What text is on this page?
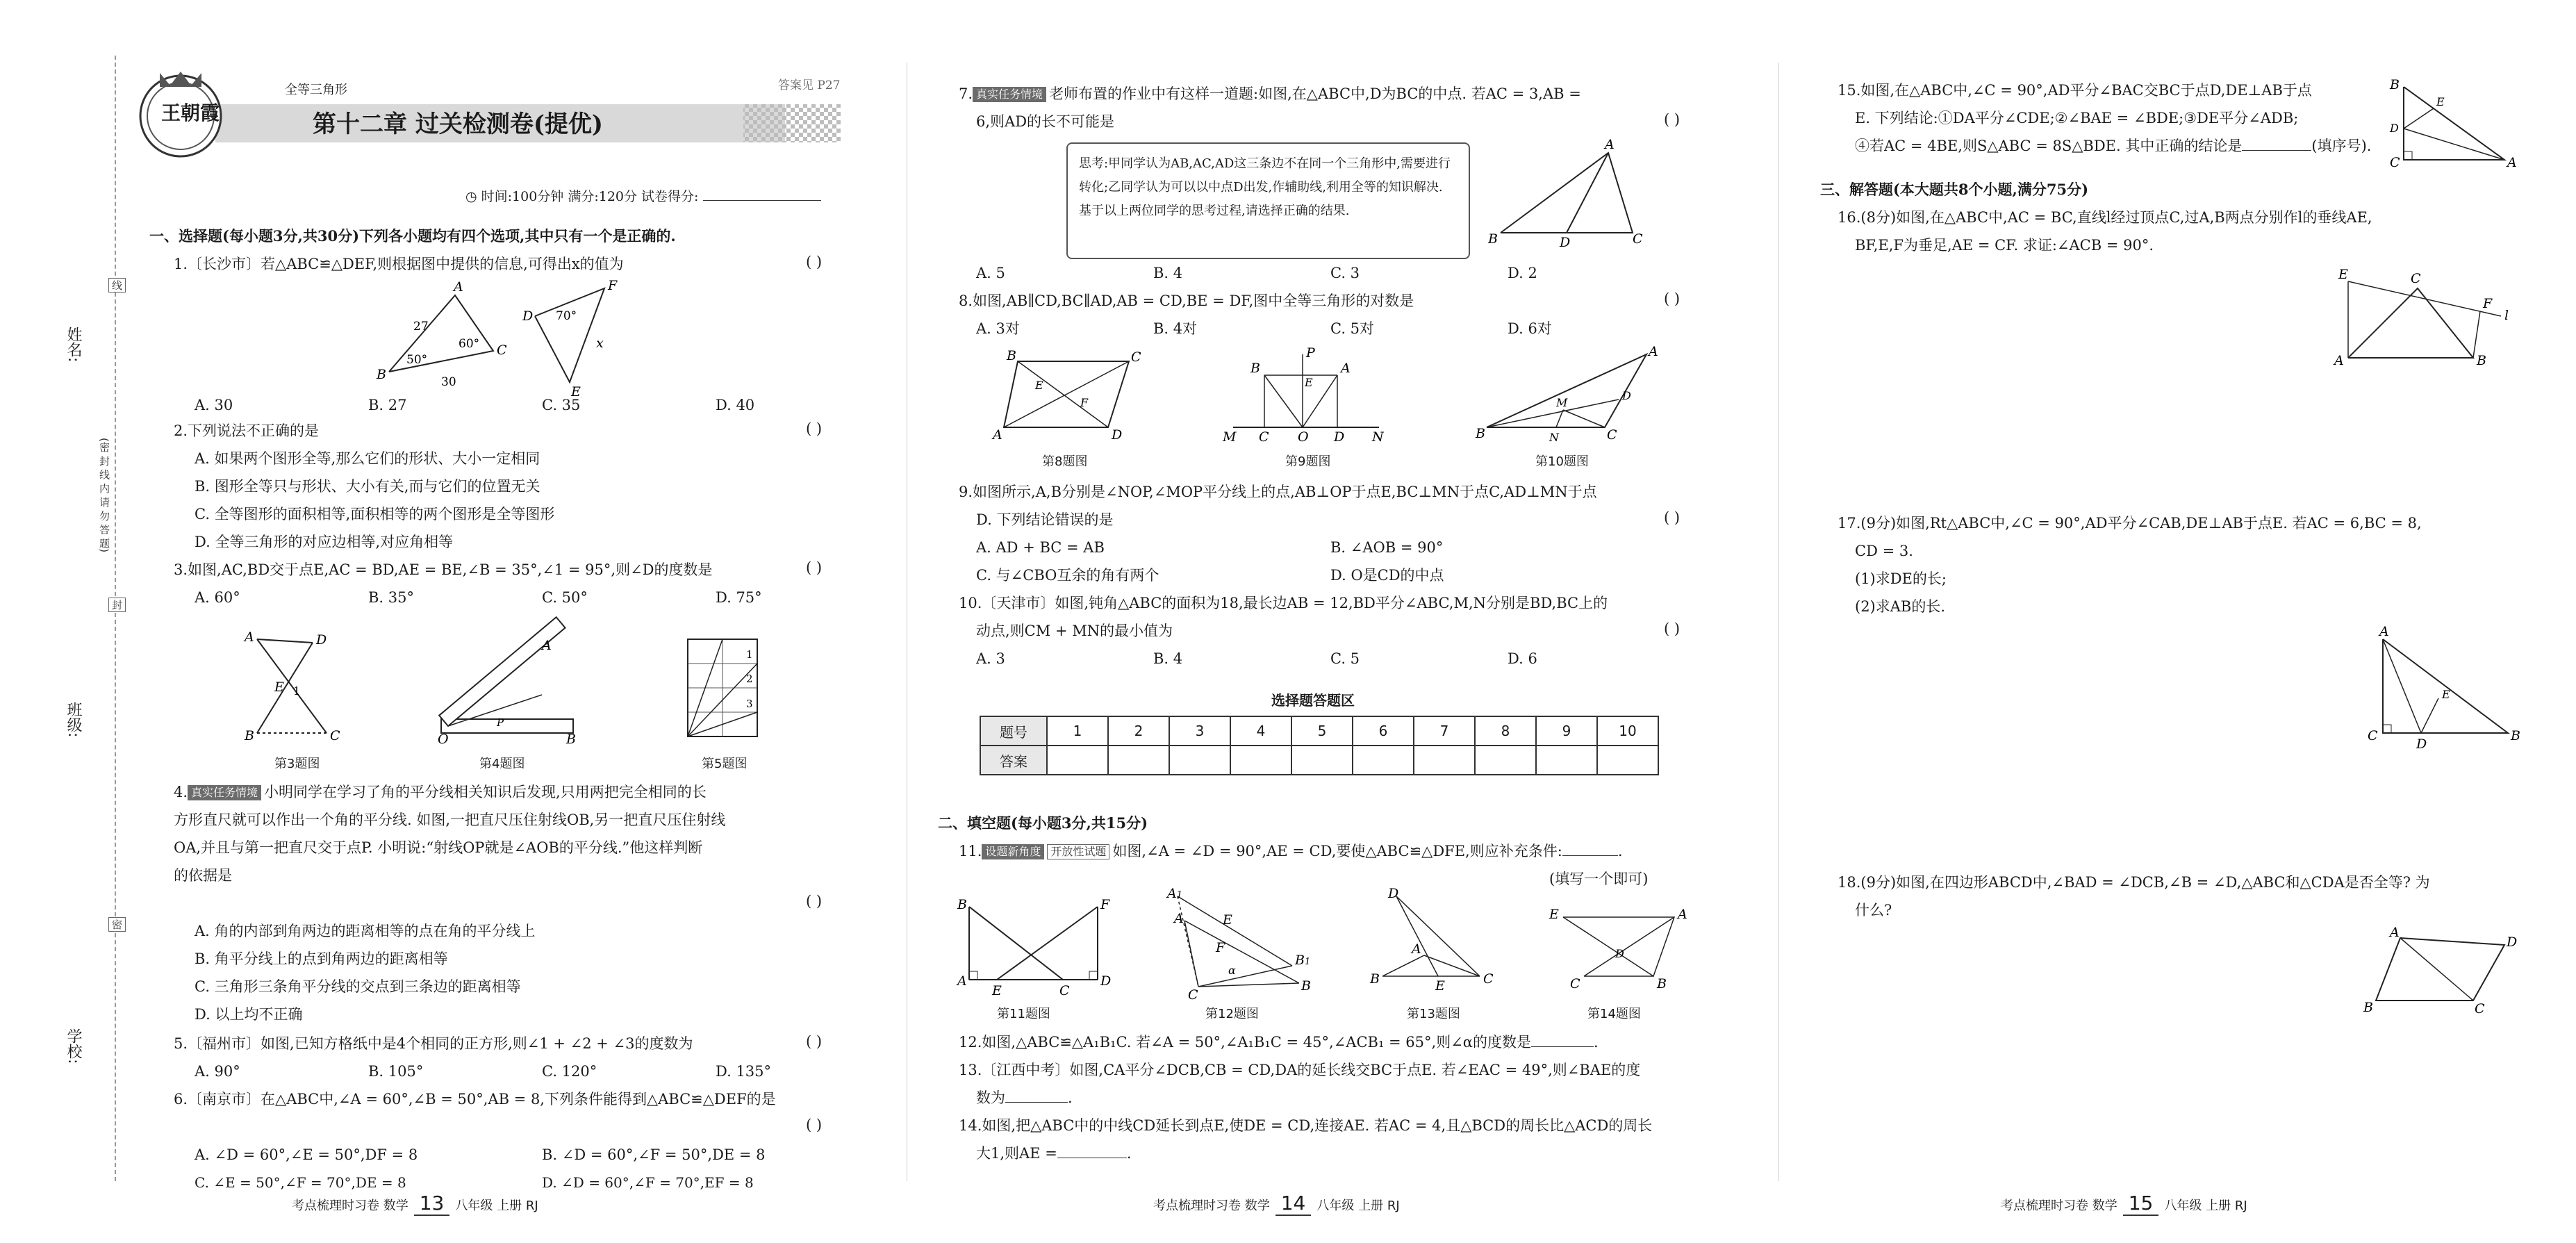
姓名:
班级:
学校:
(密 封 线 内 请 勿 答 题)
线
封
密
王朝霞
全等三角形
第十二章 过关检测卷(提优)
答案见 P27
◷ 时间:100分钟 满分:120分 试卷得分:
一、选择题(每小题3分,共30分)下列各小题均有四个选项,其中只有一个是正确的.
1.〔长沙市〕若△ABC≌△DEF,则根据图中提供的信息,可得出x的值为	( )
A
B
C
D
F
E
27
60°
50°
30
70°
x
A. 30	B. 27	C. 35	D. 40
2.下列说法不正确的是	( )
A. 如果两个图形全等,那么它们的形状、大小一定相同
B. 图形全等只与形状、大小有关,而与它们的位置无关
C. 全等图形的面积相等,面积相等的两个图形是全等图形
D. 全等三角形的对应边相等,对应角相等
3.如图,AC,BD交于点E,AC = BD,AE = BE,∠B = 35°,∠1 = 95°,则∠D的度数是	( )
A. 60°	B. 35°	C. 50°	D. 75°
A	D
E 1
B	C
第3题图
O	B
P
A
第4题图
1
2
3
第5题图
4. 真实任务情境 小明同学在学习了角的平分线相关知识后发现,只用两把完全相同的长
方形直尺就可以作出一个角的平分线. 如图,一把直尺压住射线OB,另一把直尺压住射线
OA,并且与第一把直尺交于点P. 小明说:“射线OP就是∠AOB的平分线.”他这样判断
的依据是
( )
A. 角的内部到角两边的距离相等的点在角的平分线上
B. 角平分线上的点到角两边的距离相等
C. 三角形三条角平分线的交点到三条边的距离相等
D. 以上均不正确
5.〔福州市〕如图,已知方格纸中是4个相同的正方形,则∠1 + ∠2 + ∠3的度数为	( )
A. 90°	B. 105°	C. 120°	D. 135°
6.〔南京市〕在△ABC中,∠A = 60°,∠B = 50°,AB = 8,下列条件能得到△ABC≌△DEF的是
( )
A. ∠D = 60°,∠E = 50°,DF = 8	B. ∠D = 60°,∠F = 50°,DE = 8
C. ∠E = 50°,∠F = 70°,DE = 8	D. ∠D = 60°,∠F = 70°,EF = 8
考点梳理时习卷 数学 13 八年级 上册 RJ
7. 真实任务情境 老师布置的作业中有这样一道题:如图,在△ABC中,D为BC的中点. 若AC = 3,AB =
6,则AD的长不可能是	( )
思考:甲同学认为AB,AC,AD这三条边不在同一个三角形中,需要进行转化;乙同学认为可以以中点D出发,作辅助线,利用全等的知识解决. 基于以上两位同学的思考过程,请选择正确的结果.
A
B	D	C
A. 5	B. 4	C. 3	D. 2
8.如图,AB∥CD,BC∥AD,AB = CD,BE = DF,图中全等三角形的对数是	( )
A. 3对	B. 4对	C. 5对	D. 6对
B	C
D
A
E
F
第8题图
B
P
A
E
M C O D N
第9题图
B
A
C
D
M
N
第10题图
9.如图所示,A,B分别是∠NOP,∠MOP平分线上的点,AB⊥OP于点E,BC⊥MN于点C,AD⊥MN于点
D. 下列结论错误的是	( )
A. AD + BC = AB	B. ∠AOB = 90°
C. 与∠CBO互余的角有两个	D. O是CD的中点
10.〔天津市〕如图,钝角△ABC的面积为18,最长边AB = 12,BD平分∠ABC,M,N分别是BD,BC上的
动点,则CM + MN的最小值为	( )
A. 3	B. 4	C. 5	D. 6
选择题答题区
题号	1	2	3	4	5	6	7	8	9	10
答案										
二、填空题(每小题3分,共15分)
11. 设题新角度 开放性试题 如图,∠A = ∠D = 90°,AE = CD,要使△ABC≌△DFE,则应补充条件:	.
(填写一个即可)
B	F
A
E	C
D
第11题图
A1
A	E
F
α
B1
C
B
第12题图
D
A
B	E	C
第13题图
E	A
D
C	B
第14题图
12.如图,△ABC≌△A₁B₁C. 若∠A = 50°,∠A₁B₁C = 45°,∠ACB₁ = 65°,则∠α的度数是	.
13.〔江西中考〕如图,CA平分∠DCB,CB = CD,DA的延长线交BC于点E. 若∠EAC = 49°,则∠BAE的度
数为	.
14.如图,把△ABC中的中线CD延长到点E,使DE = CD,连接AE. 若AC = 4,且△BCD的周长比△ACD的周长
大1,则AE =	.
考点梳理时习卷 数学 14 八年级 上册 RJ
15.如图,在△ABC中,∠C = 90°,AD平分∠BAC交BC于点D,DE⊥AB于点
E. 下列结论:①DA平分∠CDE;②∠BAE = ∠BDE;③DE平分∠ADB;
④若AC = 4BE,则S△ABC = 8S△BDE. 其中正确的结论是	(填序号).
B
E
D
C	A
三、解答题(本大题共8个小题,满分75分)
16.(8分)如图,在△ABC中,AC = BC,直线l经过顶点C,过A,B两点分别作l的垂线AE,
BF,E,F为垂足,AE = CF. 求证:∠ACB = 90°.
E	C
F
l
A	B
17.(9分)如图,Rt△ABC中,∠C = 90°,AD平分∠CAB,DE⊥AB于点E. 若AC = 6,BC = 8,
CD = 3.
(1)求DE的长;
(2)求AB的长.
A
E
C
D
B
18.(9分)如图,在四边形ABCD中,∠BAD = ∠DCB,∠B = ∠D,△ABC和△CDA是否全等? 为
什么?
A
D
B	C
考点梳理时习卷 数学 15 八年级 上册 RJ
